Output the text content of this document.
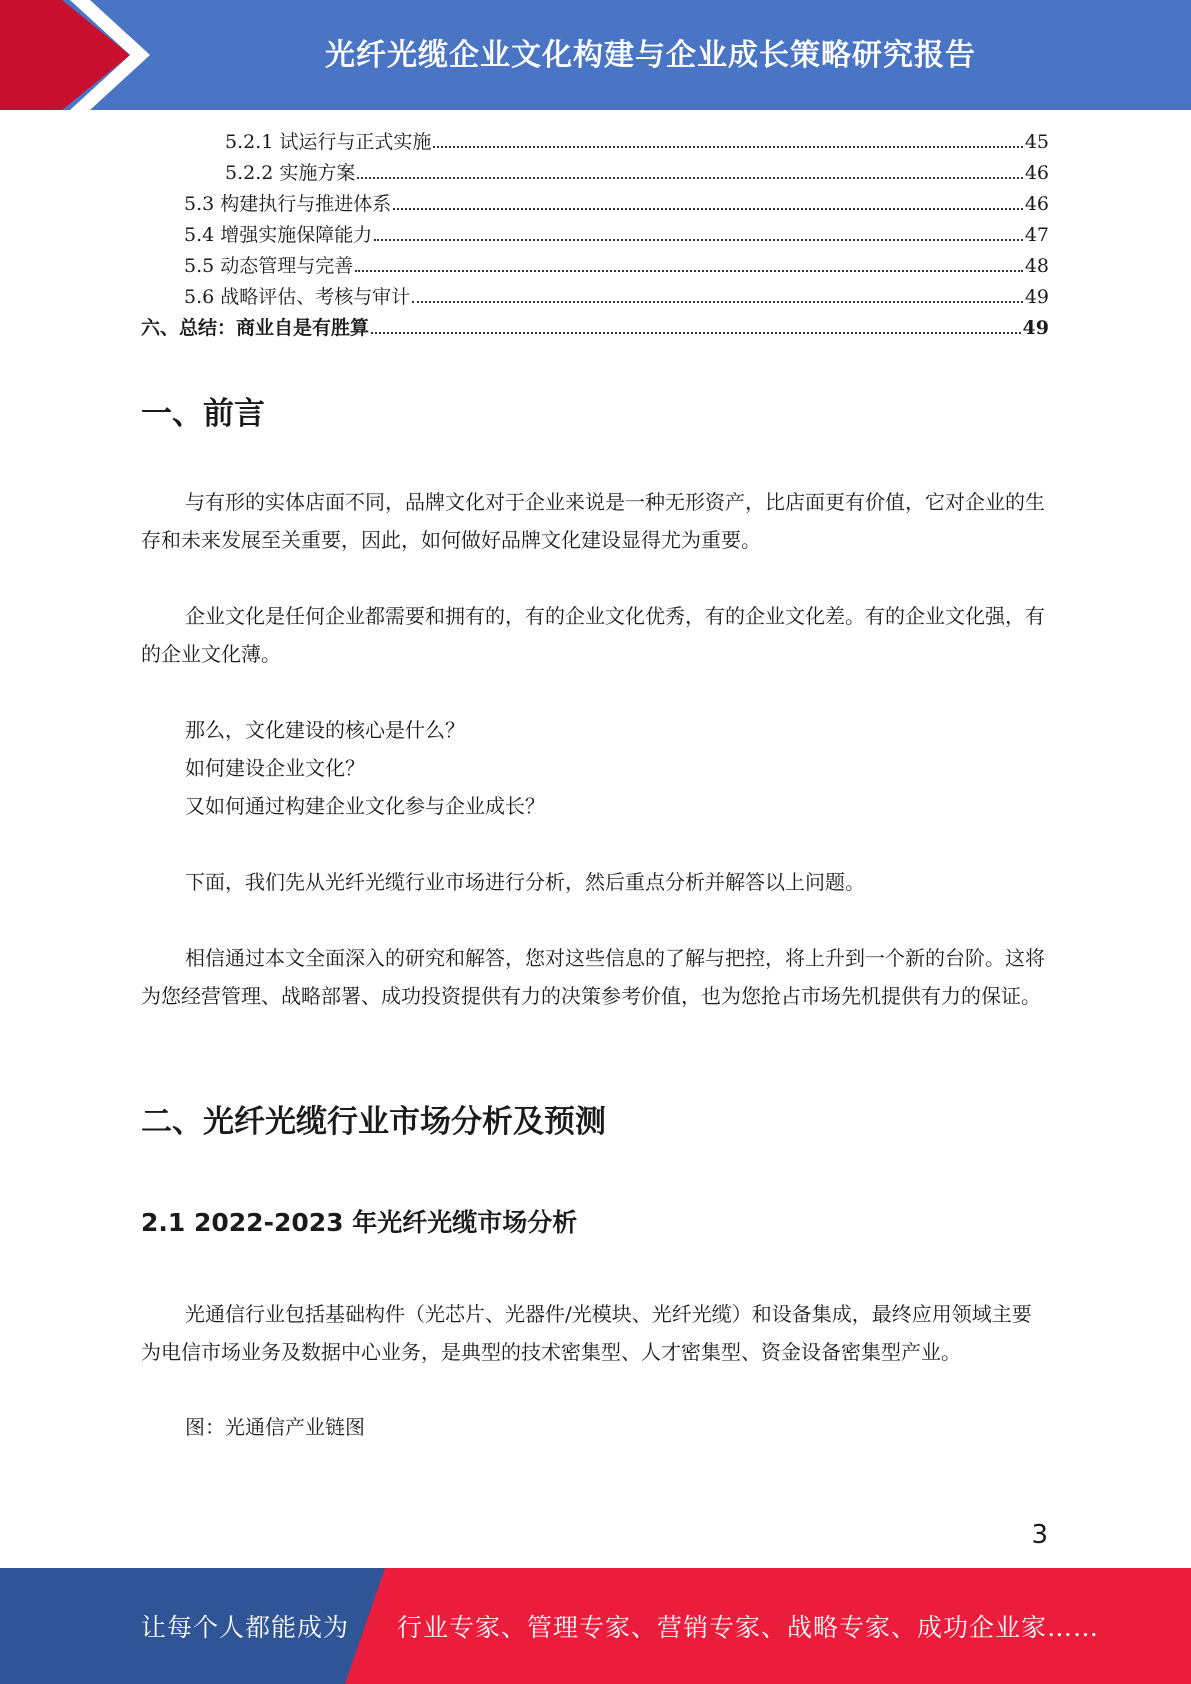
光纤光缆企业文化构建与企业成长策略研究报告
5.2.1 试运行与正式实施	45
5.2.2 实施方案	46
5.3 构建执行与推进体系	46
5.4 增强实施保障能力	47
5.5 动态管理与完善	48
5.6 战略评估、考核与审计	49
六、总结：商业自是有胜算	49
一、前言
与有形的实体店面不同，品牌文化对于企业来说是一种无形资产，比店面更有价值，它对企业的生存和未来发展至关重要，因此，如何做好品牌文化建设显得尤为重要。
企业文化是任何企业都需要和拥有的，有的企业文化优秀，有的企业文化差。有的企业文化强，有的企业文化薄。
那么，文化建设的核心是什么？
如何建设企业文化？
又如何通过构建企业文化参与企业成长？
下面，我们先从光纤光缆行业市场进行分析，然后重点分析并解答以上问题。
相信通过本文全面深入的研究和解答，您对这些信息的了解与把控，将上升到一个新的台阶。这将为您经营管理、战略部署、成功投资提供有力的决策参考价值，也为您抢占市场先机提供有力的保证。
二、光纤光缆行业市场分析及预测
2.1 2022-2023 年光纤光缆市场分析
光通信行业包括基础构件（光芯片、光器件/光模块、光纤光缆）和设备集成，最终应用领域主要为电信市场业务及数据中心业务，是典型的技术密集型、人才密集型、资金设备密集型产业。
图：光通信产业链图
3
让每个人都能成为 行业专家、管理专家、营销专家、战略专家、成功企业家……
